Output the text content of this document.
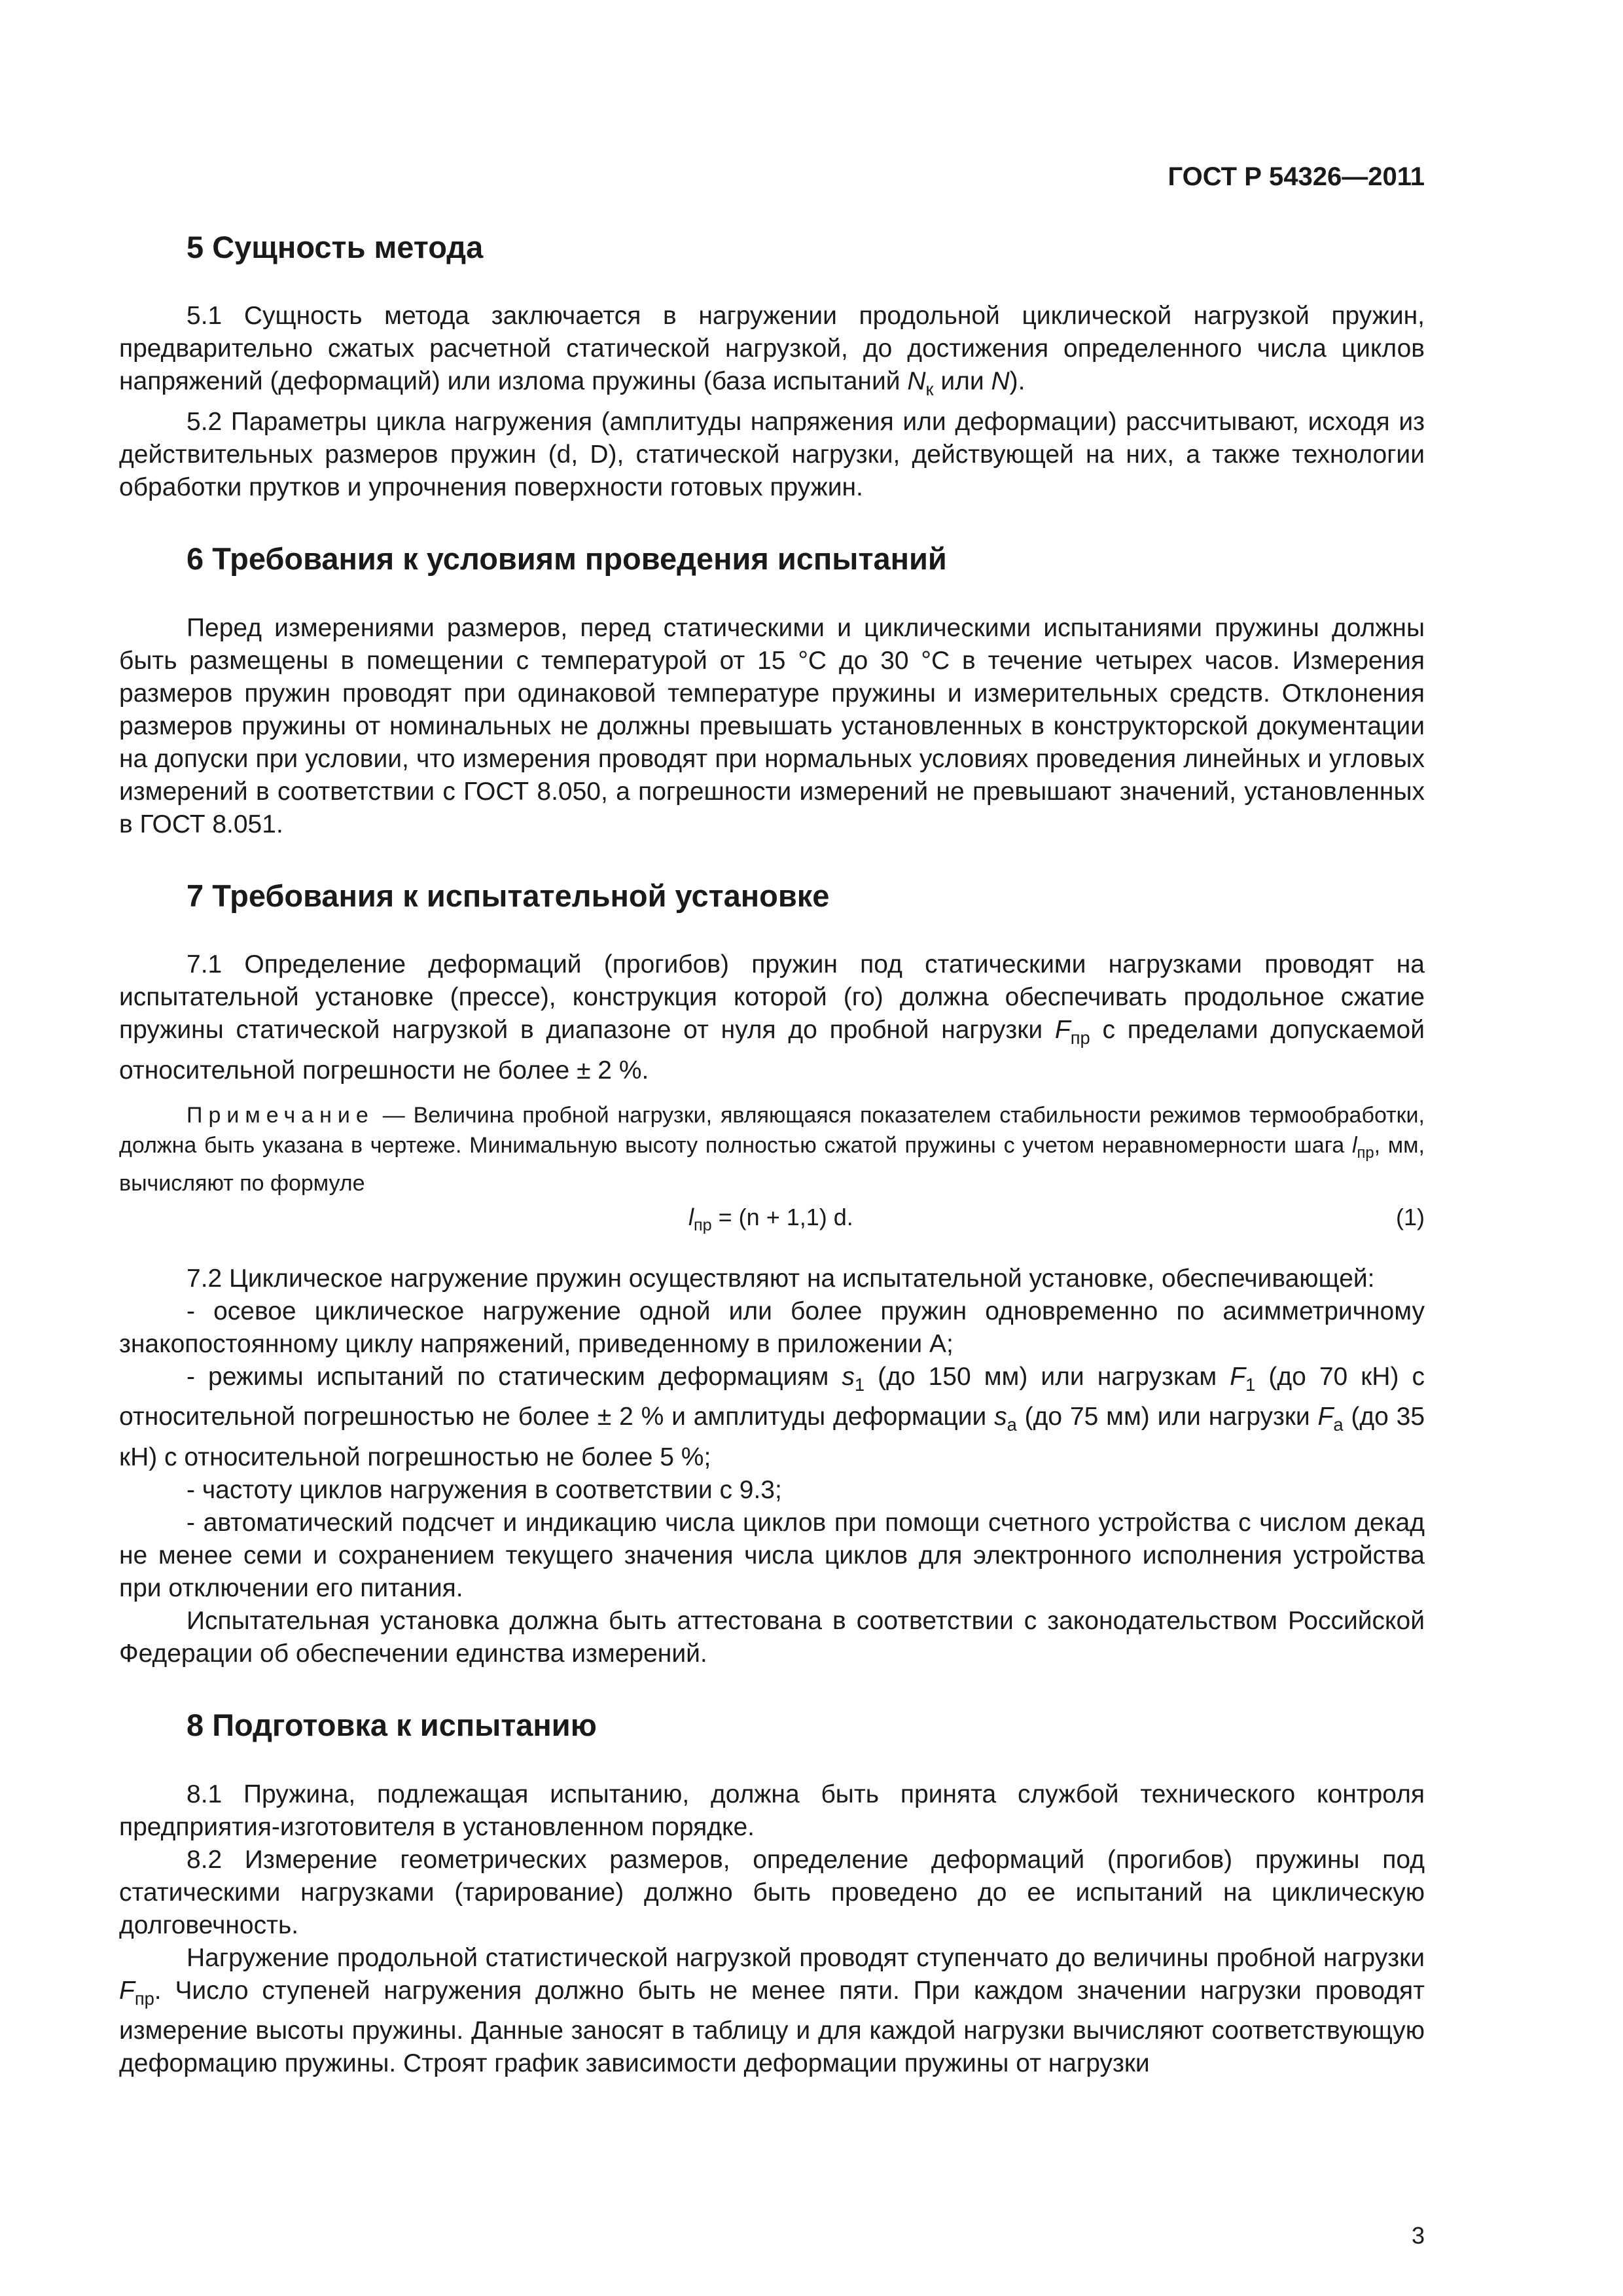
ГОСТ Р 54326—2011
5 Сущность метода

5.1 Сущность метода заключается в нагружении продольной циклической нагрузкой пружин, предварительно сжатых расчетной статической нагрузкой, до достижения определенного числа циклов напряжений (деформаций) или излома пружины (база испытаний $N_к$ или N).

5.2 Параметры цикла нагружения (амплитуды напряжения или деформации) рассчитывают, исходя из действительных размеров пружин (d, D), статической нагрузки, действующей на них, а также технологии обработки прутков и упрочнения поверхности готовых пружин.

6 Требования к условиям проведения испытаний

Перед измерениями размеров, перед статическими и циклическими испытаниями пружины должны быть размещены в помещении с температурой от 15 °С до 30 °С в течение четырех часов. Измерения размеров пружин проводят при одинаковой температуре пружины и измерительных средств. Отклонения размеров пружины от номинальных не должны превышать установленных в конструкторской документации на допуски при условии, что измерения проводят при нормальных условиях проведения линейных и угловых измерений в соответствии с ГОСТ 8.050, а погрешности измерений не превышают значений, установленных в ГОСТ 8.051.

7 Требования к испытательной установке

7.1 Определение деформаций (прогибов) пружин под статическими нагрузками проводят на испытательной установке (прессе), конструкция которой (го) должна обеспечивать продольное сжатие пружины статической нагрузкой в диапазоне от нуля до пробной нагрузки $F_{пр}$ с пределами допускаемой относительной погрешности не более ± 2 %.

Примечание — Величина пробной нагрузки, являющаяся показателем стабильности режимов термообработки, должна быть указана в чертеже. Минимальную высоту полностью сжатой пружины с учетом неравномерности шага $l_{пр}$, мм, вычисляют по формуле

$l_{пр} = (n + 1,1)$ d.	(1)

7.2 Циклическое нагружение пружин осуществляют на испытательной установке, обеспечивающей:

- осевое циклическое нагружение одной или более пружин одновременно по асимметричному знакопостоянному циклу напряжений, приведенному в приложении А;

- режимы испытаний по статическим деформациям $s_1$ (до 150 мм) или нагрузкам $F_1$ (до 70 кН) с относительной погрешностью не более ± 2 % и амплитуды деформации $s_а$ (до 75 мм) или нагрузки $F_а$ (до 35 кН) с относительной погрешностью не более 5 %;

- частоту циклов нагружения в соответствии с 9.3;

- автоматический подсчет и индикацию числа циклов при помощи счетного устройства с числом декад не менее семи и сохранением текущего значения числа циклов для электронного исполнения устройства при отключении его питания.

Испытательная установка должна быть аттестована в соответствии с законодательством Российской Федерации об обеспечении единства измерений.

8 Подготовка к испытанию

8.1 Пружина, подлежащая испытанию, должна быть принята службой технического контроля предприятия-изготовителя в установленном порядке.

8.2 Измерение геометрических размеров, определение деформаций (прогибов) пружины под статическими нагрузками (тарирование) должно быть проведено до ее испытаний на циклическую долговечность.

Нагружение продольной статистической нагрузкой проводят ступенчато до величины пробной нагрузки $F_{пр}$. Число ступеней нагружения должно быть не менее пяти. При каждом значении нагрузки проводят измерение высоты пружины. Данные заносят в таблицу и для каждой нагрузки вычисляют соответствующую деформацию пружины. Строят график зависимости деформации пружины от нагрузки

3
